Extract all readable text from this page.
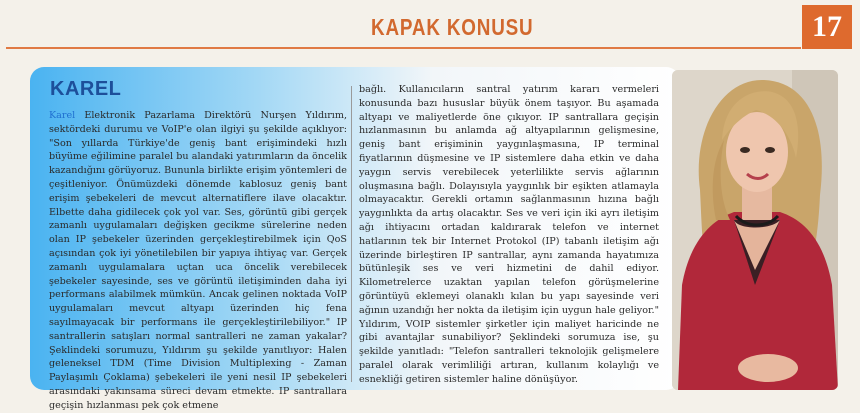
KAPAK KONUSU	17
KAREL
Karel Elektronik Pazarlama Direktörü Nurşen Yıldırım, sektördeki durumu ve VoIP'e olan ilgiyi şu şekilde açıklıyor: "Son yıllarda Türkiye'de geniş bant erişimindeki hızlı büyüme eğilimine paralel bu alandaki yatırımların da öncelik kazandığını görüyoruz. Bununla birlikte erişim yöntemleri de çeşitleniyor. Önümüzdeki dönemde kablosuz geniş bant erişim şebekeleri de mevcut alternatiflere ilave olacaktır. Elbette daha gidilecek çok yol var. Ses, görüntü gibi gerçek zamanlı uygulamaları değişken gecikme sürelerine neden olan IP şebekeler üzerinden gerçekleştirebilmek için QoS açısından çok iyi yönetilebilen bir yapıya ihtiyaç var. Gerçek zamanlı uygulamalara uçtan uca öncelik verebilecek şebekeler sayesinde, ses ve görüntü iletişiminden daha iyi performans alabilmek mümkün. Ancak gelinen noktada VoIP uygulamaları mevcut altyapı üzerinden hiç fena sayılmayacak bir performans ile gerçekleştirilebiliyor." IP santrallerin satışları normal santralleri ne zaman yakalar? Şeklindeki sorumuzu, Yıldırım şu şekilde yanıtlıyor: Halen geleneksel TDM (Time Division Multiplexing - Zaman Paylaşımlı Çoklama) şebekeleri ile yeni nesil IP şebekeleri arasındaki yakınsama süreci devam etmekte. IP santrallara geçişin hızlanması pek çok etmene
bağlı. Kullanıcıların santral yatırım kararı vermeleri konusunda bazı hususlar büyük önem taşıyor. Bu aşamada altyapı ve maliyetlerde öne çıkıyor. IP santrallara geçişin hızlanmasının bu anlamda ağ altyapılarının gelişmesine, geniş bant erişiminin yaygınlaşmasına, IP terminal fiyatlarının düşmesine ve IP sistemlere daha etkin ve daha yaygın servis verebilecek yeterlilikte servis ağlarının oluşmasına bağlı. Dolayısıyla yaygınlık bir eşikten atlamayla olmayacaktır. Gerekli ortamın sağlanmasının hızına bağlı yaygınlıkta da artış olacaktır. Ses ve veri için iki ayrı iletişim ağı ihtiyacını ortadan kaldırarak telefon ve internet hatlarının tek bir Internet Protokol (IP) tabanlı iletişim ağı üzerinde birleştiren IP santrallar, aynı zamanda hayatımıza bütünleşik ses ve veri hizmetini de dahil ediyor. Kilometrelerce uzaktan yapılan telefon görüşmelerine görüntüyü eklemeyi olanaklı kılan bu yapı sayesinde veri ağının uzandığı her nokta da iletişim için uygun hale geliyor." Yıldırım, VOIP sistemler şirketler için maliyet haricinde ne gibi avantajlar sunabiliyor? Şeklindeki sorumuza ise, şu şekilde yanıtladı: "Telefon santralleri teknolojik gelişmelere paralel olarak verimliliği artıran, kullanım kolaylığı ve esnekliği getiren sistemler haline dönüşüyor.
